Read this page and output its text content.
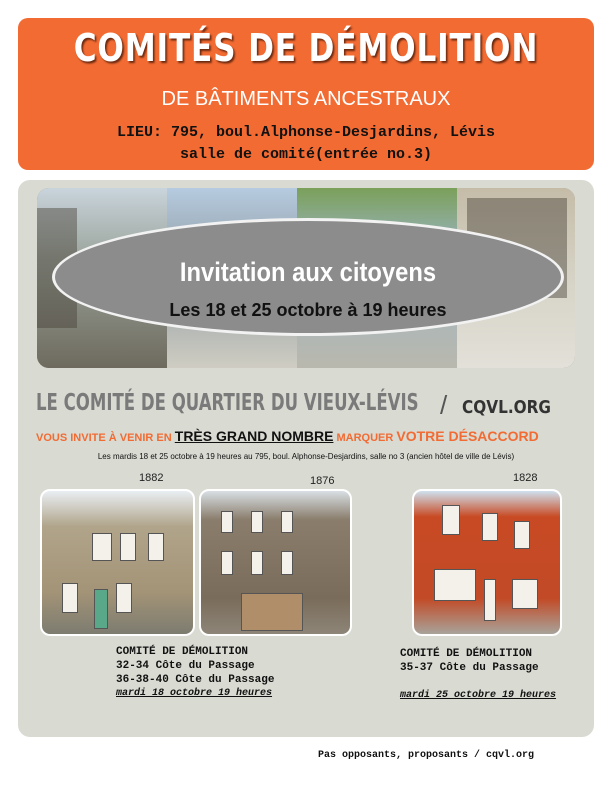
COMITÉS DE DÉMOLITION
DE BÂTIMENTS ANCESTRAUX
LIEU: 795, boul.Alphonse-Desjardins, Lévis
salle de comité(entrée no.3)
Invitation aux citoyens
Les 18 et 25 octobre à 19 heures
LE COMITÉ DE QUARTIER DU VIEUX-LÉVIS / CQVL.ORG
VOUS INVITE À VENIR EN TRÈS GRAND NOMBRE MARQUER VOTRE DÉSACCORD
Les mardis 18 et 25 octobre à 19 heures au 795, boul. Alphonse-Desjardins, salle no 3 (ancien hôtel de ville de Lévis)
1882	1876	1828
COMITÉ DE DÉMOLITION
32-34 Côte du Passage
36-38-40 Côte du Passage
mardi 18 octobre 19 heures
COMITÉ DE DÉMOLITION
35-37 Côte du Passage
mardi 25 octobre 19 heures
Pas opposants, proposants / cqvl.org
